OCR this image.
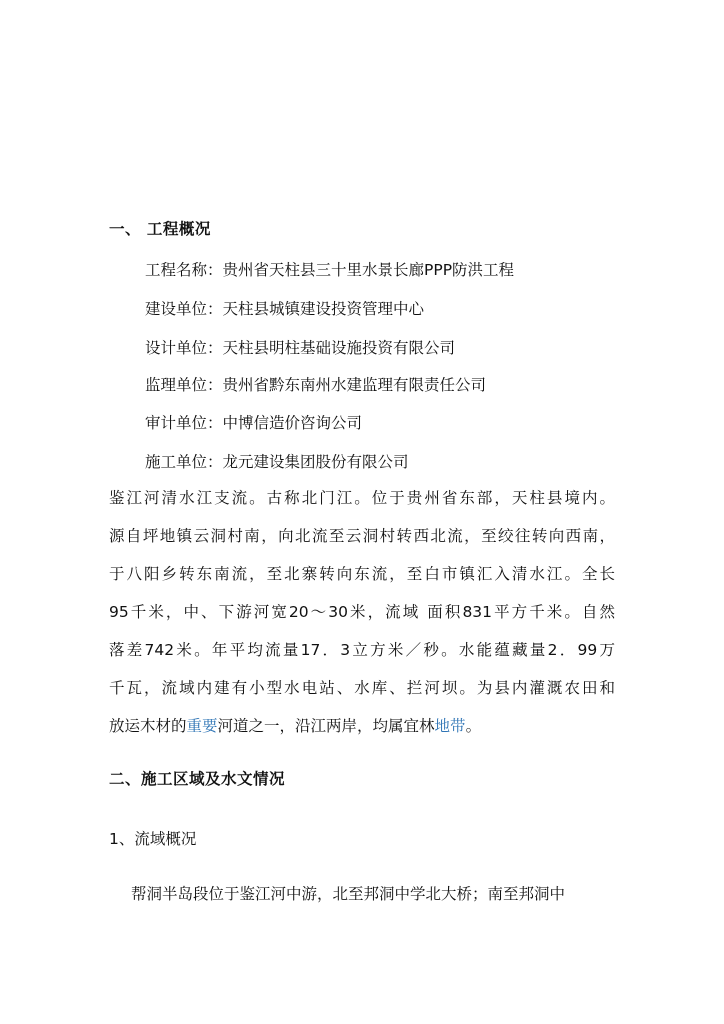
一、 工程概况
工程名称：贵州省天柱县三十里水景长廊PPP防洪工程
建设单位：天柱县城镇建设投资管理中心
设计单位：天柱县明柱基础设施投资有限公司
监理单位：贵州省黔东南州水建监理有限责任公司
审计单位：中博信造价咨询公司
施工单位：龙元建设集团股份有限公司
鉴江河清水江支流。古称北门江。位于贵州省东部，天柱县境内。
源自坪地镇云洞村南，向北流至云洞村转西北流，至绞往转向西南，
于八阳乡转东南流，至北寨转向东流，至白市镇汇入清水江。全长
95千米，中、下游河宽20～30米，流域 面积831平方千米。自然
落差742米。年平均流量17．3立方米／秒。水能蕴藏量2．99万
千瓦，流域内建有小型水电站、水库、拦河坝。为县内灌溉农田和
放运木材的重要河道之一，沿江两岸，均属宜林地带。
二、施工区域及水文情况
1、流域概况
帮洞半岛段位于鉴江河中游，北至邦洞中学北大桥；南至邦洞中
